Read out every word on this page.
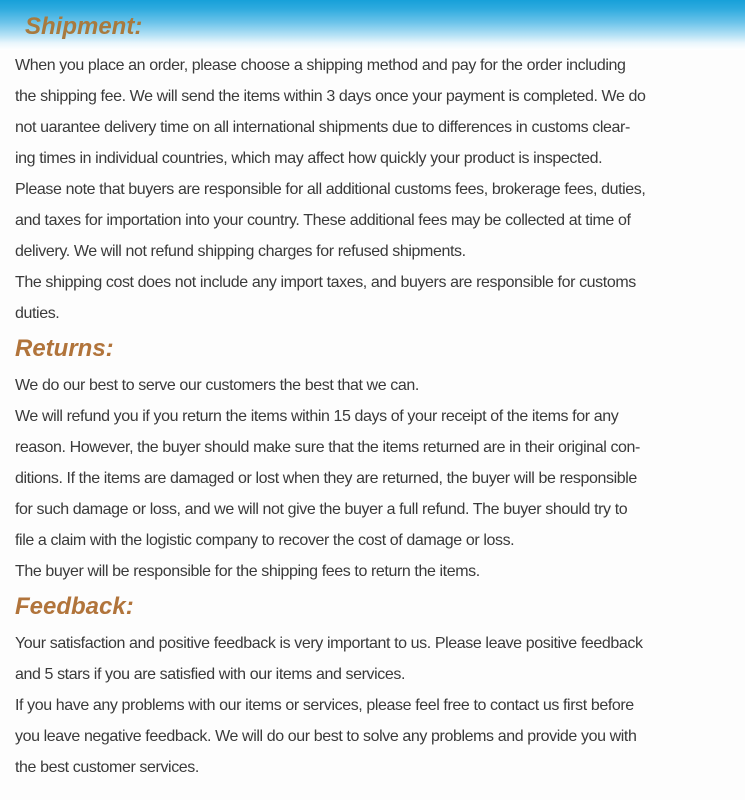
Shipment:
When you place an order, please choose a shipping method and pay for the order including
the shipping fee. We will send the items within 3 days once your payment is completed. We do
not uarantee delivery time on all international shipments due to differences in customs clear-
ing times in individual countries, which may affect how quickly your product is inspected.
Please note that buyers are responsible for all additional customs fees, brokerage fees, duties,
and taxes for importation into your country. These additional fees may be collected at time of
delivery. We will not refund shipping charges for refused shipments.
The shipping cost does not include any import taxes, and buyers are responsible for customs
duties.
Returns:
We do our best to serve our customers the best that we can.
We will refund you if you return the items within 15 days of your receipt of the items for any
reason. However, the buyer should make sure that the items returned are in their original con-
ditions. If the items are damaged or lost when they are returned, the buyer will be responsible
for such damage or loss, and we will not give the buyer a full refund. The buyer should try to
file a claim with the logistic company to recover the cost of damage or loss.
The buyer will be responsible for the shipping fees to return the items.
Feedback:
Your satisfaction and positive feedback is very important to us. Please leave positive feedback
and 5 stars if you are satisfied with our items and services.
If you have any problems with our items or services, please feel free to contact us first before
you leave negative feedback. We will do our best to solve any problems and provide you with
the best customer services.
